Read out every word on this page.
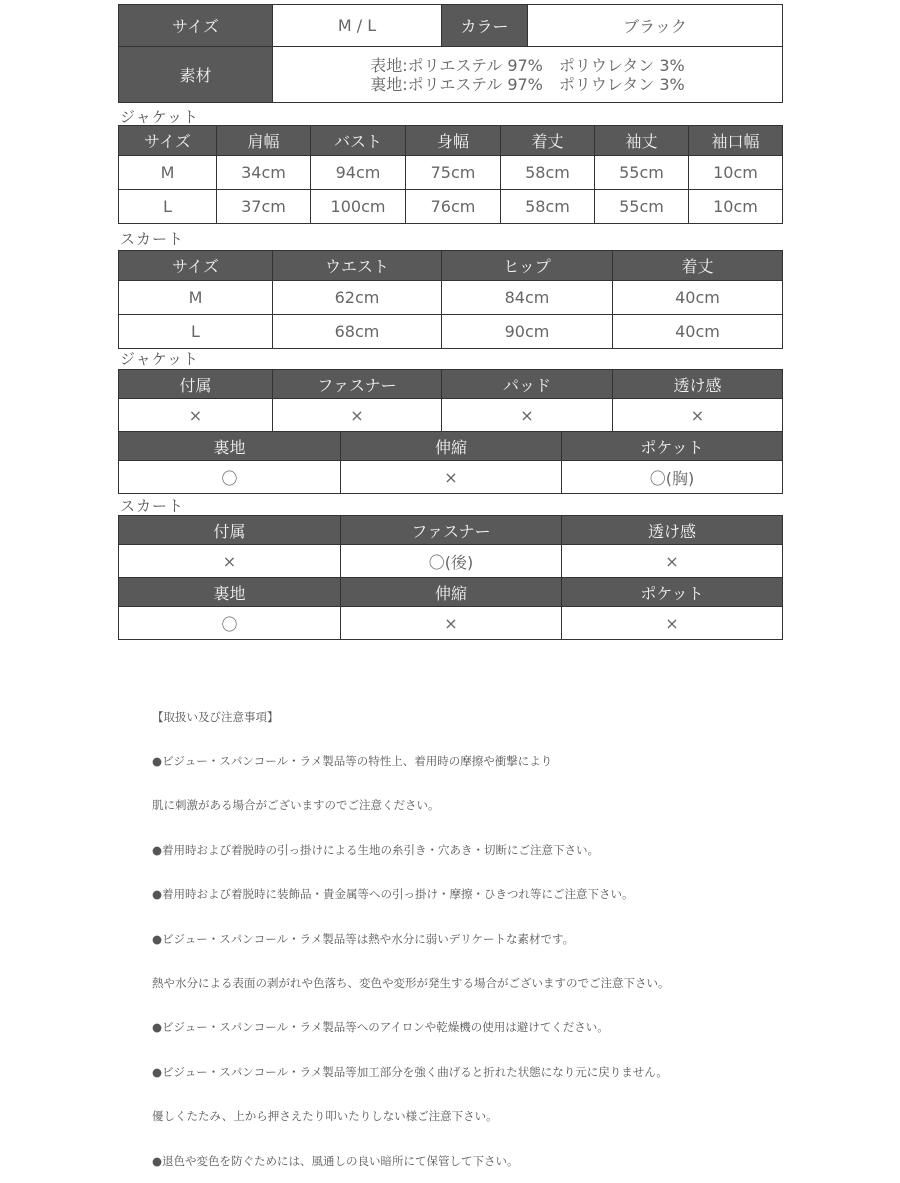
サイズ	M / L	カラー	ブラック
素材	表地:ポリエステル 97%　ポリウレタン 3%
裏地:ポリエステル 97%　ポリウレタン 3%		
ジャケット
サイズ	肩幅	バスト	身幅	着丈	袖丈	袖口幅
M	34cm	94cm	75cm	58cm	55cm	10cm
L	37cm	100cm	76cm	58cm	55cm	10cm
スカート
サイズ	ウエスト	ヒップ	着丈
M	62cm	84cm	40cm
L	68cm	90cm	40cm
ジャケット
付属	ファスナー	パッド	透け感
×	×	×	×
裏地	伸縮	ポケット
〇	×	〇(胸)
スカート
付属	ファスナー	透け感
×	〇(後)	×
裏地	伸縮	ポケット
〇	×	×

【取扱い及び注意事項】

●ビジュー・スパンコール・ラメ製品等の特性上、着用時の摩擦や衝撃により

肌に刺激がある場合がございますのでご注意ください。

●着用時および着脱時の引っ掛けによる生地の糸引き・穴あき・切断にご注意下さい。

●着用時および着脱時に装飾品・貴金属等への引っ掛け・摩擦・ひきつれ等にご注意下さい。

●ビジュー・スパンコール・ラメ製品等は熱や水分に弱いデリケートな素材です。

熱や水分による表面の剥がれや色落ち、変色や変形が発生する場合がございますのでご注意下さい。

●ビジュー・スパンコール・ラメ製品等へのアイロンや乾燥機の使用は避けてください。

●ビジュー・スパンコール・ラメ製品等加工部分を強く曲げると折れた状態になり元に戻りません。

優しくたたみ、上から押さえたり叩いたりしない様ご注意下さい。

●退色や変色を防ぐためには、風通しの良い暗所にて保管して下さい。
